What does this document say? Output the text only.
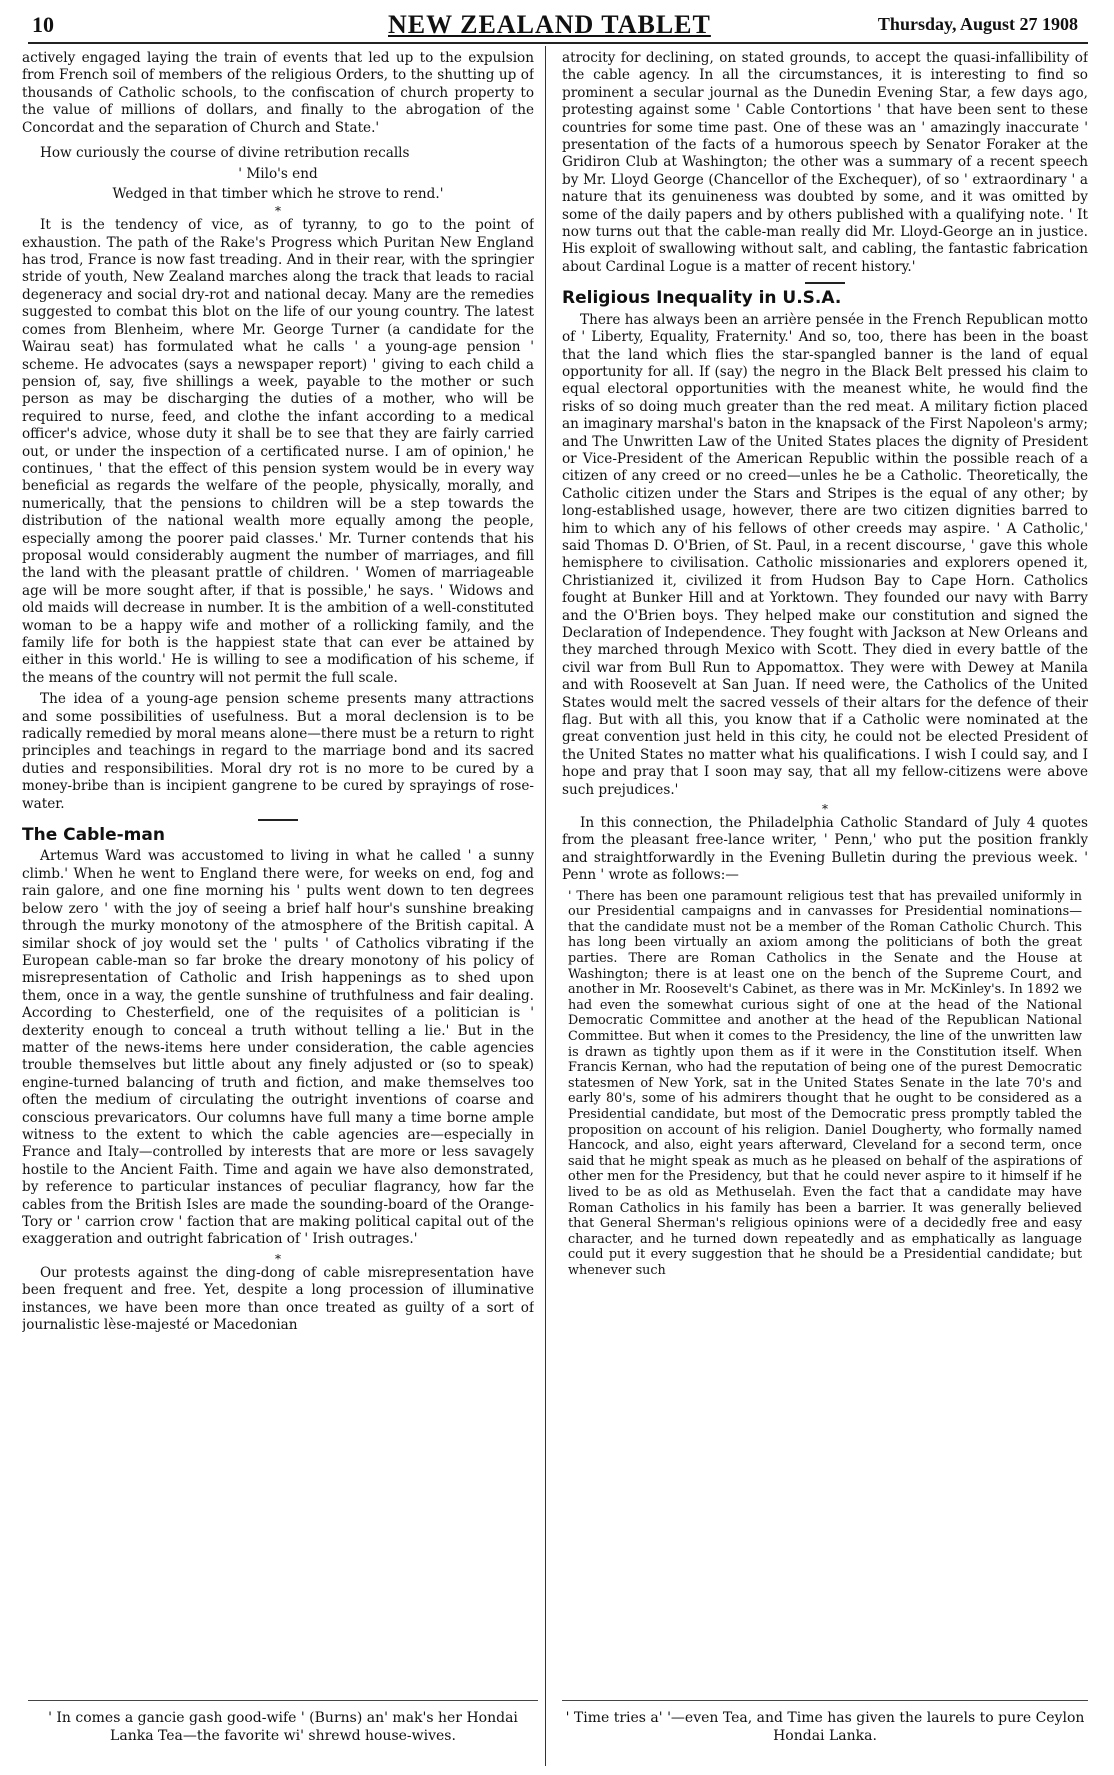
10	NEW ZEALAND TABLET	Thursday, August 27 1908

actively engaged laying the train of events that led up to the expulsion from French soil of members of the religious Orders, to the shutting up of thousands of Catholic schools, to the confiscation of church property to the value of millions of dollars, and finally to the abrogation of the Concordat and the separation of Church and State.'

How curiously the course of divine retribution recalls

' Milo's end

Wedged in that timber which he strove to rend.'

*

It is the tendency of vice, as of tyranny, to go to the point of exhaustion. The path of the Rake's Progress which Puritan New England has trod, France is now fast treading. And in their rear, with the springier stride of youth, New Zealand marches along the track that leads to racial degeneracy and social dry-rot and national decay. Many are the remedies suggested to combat this blot on the life of our young country. The latest comes from Blenheim, where Mr. George Turner (a candidate for the Wairau seat) has formulated what he calls ' a young-age pension ' scheme. He advocates (says a newspaper report) ' giving to each child a pension of, say, five shillings a week, payable to the mother or such person as may be discharging the duties of a mother, who will be required to nurse, feed, and clothe the infant according to a medical officer's advice, whose duty it shall be to see that they are fairly carried out, or under the inspection of a certificated nurse. I am of opinion,' he continues, ' that the effect of this pension system would be in every way beneficial as regards the welfare of the people, physically, morally, and numerically, that the pensions to children will be a step towards the distribution of the national wealth more equally among the people, especially among the poorer paid classes.' Mr. Turner contends that his proposal would considerably augment the number of marriages, and fill the land with the pleasant prattle of children. ' Women of marriageable age will be more sought after, if that is possible,' he says. ' Widows and old maids will decrease in number. It is the ambition of a well-constituted woman to be a happy wife and mother of a rollicking family, and the family life for both is the happiest state that can ever be attained by either in this world.' He is willing to see a modification of his scheme, if the means of the country will not permit the full scale.

The idea of a young-age pension scheme presents many attractions and some possibilities of usefulness. But a moral declension is to be radically remedied by moral means alone—there must be a return to right principles and teachings in regard to the marriage bond and its sacred duties and responsibilities. Moral dry rot is no more to be cured by a money-bribe than is incipient gangrene to be cured by sprayings of rose-water.

The Cable-man

Artemus Ward was accustomed to living in what he called ' a sunny climb.' When he went to England there were, for weeks on end, fog and rain galore, and one fine morning his ' pults went down to ten degrees below zero ' with the joy of seeing a brief half hour's sunshine breaking through the murky monotony of the atmosphere of the British capital. A similar shock of joy would set the ' pults ' of Catholics vibrating if the European cable-man so far broke the dreary monotony of his policy of misrepresentation of Catholic and Irish happenings as to shed upon them, once in a way, the gentle sunshine of truthfulness and fair dealing. According to Chesterfield, one of the requisites of a politician is ' dexterity enough to conceal a truth without telling a lie.' But in the matter of the news-items here under consideration, the cable agencies trouble themselves but little about any finely adjusted or (so to speak) engine-turned balancing of truth and fiction, and make themselves too often the medium of circulating the outright inventions of coarse and conscious prevaricators. Our columns have full many a time borne ample witness to the extent to which the cable agencies are—especially in France and Italy—controlled by interests that are more or less savagely hostile to the Ancient Faith. Time and again we have also demonstrated, by reference to particular instances of peculiar flagrancy, how far the cables from the British Isles are made the sounding-board of the Orange-Tory or ' carrion crow ' faction that are making political capital out of the exaggeration and outright fabrication of ' Irish outrages.'

*

Our protests against the ding-dong of cable misrepresentation have been frequent and free. Yet, despite a long procession of illuminative instances, we have been more than once treated as guilty of a sort of journalistic lèse-majesté or Macedonian

atrocity for declining, on stated grounds, to accept the quasi-infallibility of the cable agency. In all the circumstances, it is interesting to find so prominent a secular journal as the Dunedin Evening Star, a few days ago, protesting against some ' Cable Contortions ' that have been sent to these countries for some time past. One of these was an ' amazingly inaccurate ' presentation of the facts of a humorous speech by Senator Foraker at the Gridiron Club at Washington; the other was a summary of a recent speech by Mr. Lloyd George (Chancellor of the Exchequer), of so ' extraordinary ' a nature that its genuineness was doubted by some, and it was omitted by some of the daily papers and by others published with a qualifying note. ' It now turns out that the cable-man really did Mr. Lloyd-George an in justice. His exploit of swallowing without salt, and cabling, the fantastic fabrication about Cardinal Logue is a matter of recent history.'

Religious Inequality in U.S.A.

There has always been an arrière pensée in the French Republican motto of ' Liberty, Equality, Fraternity.' And so, too, there has been in the boast that the land which flies the star-spangled banner is the land of equal opportunity for all. If (say) the negro in the Black Belt pressed his claim to equal electoral opportunities with the meanest white, he would find the risks of so doing much greater than the red meat. A military fiction placed an imaginary marshal's baton in the knapsack of the First Napoleon's army; and The Unwritten Law of the United States places the dignity of President or Vice-President of the American Republic within the possible reach of a citizen of any creed or no creed—unles he be a Catholic. Theoretically, the Catholic citizen under the Stars and Stripes is the equal of any other; by long-established usage, however, there are two citizen dignities barred to him to which any of his fellows of other creeds may aspire. ' A Catholic,' said Thomas D. O'Brien, of St. Paul, in a recent discourse, ' gave this whole hemisphere to civilisation. Catholic missionaries and explorers opened it, Christianized it, civilized it from Hudson Bay to Cape Horn. Catholics fought at Bunker Hill and at Yorktown. They founded our navy with Barry and the O'Brien boys. They helped make our constitution and signed the Declaration of Independence. They fought with Jackson at New Orleans and they marched through Mexico with Scott. They died in every battle of the civil war from Bull Run to Appomattox. They were with Dewey at Manila and with Roosevelt at San Juan. If need were, the Catholics of the United States would melt the sacred vessels of their altars for the defence of their flag. But with all this, you know that if a Catholic were nominated at the great convention just held in this city, he could not be elected President of the United States no matter what his qualifications. I wish I could say, and I hope and pray that I soon may say, that all my fellow-citizens were above such prejudices.'

*

In this connection, the Philadelphia Catholic Standard of July 4 quotes from the pleasant free-lance writer, ' Penn,' who put the position frankly and straightforwardly in the Evening Bulletin during the previous week. ' Penn ' wrote as follows:—

' There has been one paramount religious test that has prevailed uniformly in our Presidential campaigns and in canvasses for Presidential nominations—that the candidate must not be a member of the Roman Catholic Church. This has long been virtually an axiom among the politicians of both the great parties. There are Roman Catholics in the Senate and the House at Washington; there is at least one on the bench of the Supreme Court, and another in Mr. Roosevelt's Cabinet, as there was in Mr. McKinley's. In 1892 we had even the somewhat curious sight of one at the head of the National Democratic Committee and another at the head of the Republican National Committee. But when it comes to the Presidency, the line of the unwritten law is drawn as tightly upon them as if it were in the Constitution itself. When Francis Kernan, who had the reputation of being one of the purest Democratic statesmen of New York, sat in the United States Senate in the late 70's and early 80's, some of his admirers thought that he ought to be considered as a Presidential candidate, but most of the Democratic press promptly tabled the proposition on account of his religion. Daniel Dougherty, who formally named Hancock, and also, eight years afterward, Cleveland for a second term, once said that he might speak as much as he pleased on behalf of the aspirations of other men for the Presidency, but that he could never aspire to it himself if he lived to be as old as Methuselah. Even the fact that a candidate may have Roman Catholics in his family has been a barrier. It was generally believed that General Sherman's religious opinions were of a decidedly free and easy character, and he turned down repeatedly and as emphatically as language could put it every suggestion that he should be a Presidential candidate; but whenever such
' In comes a gancie gash good-wife ' (Burns) an' mak's her Hondai Lanka Tea—the favorite wi' shrewd house-wives.
' Time tries a' '—even Tea, and Time has given the laurels to pure Ceylon Hondai Lanka.
